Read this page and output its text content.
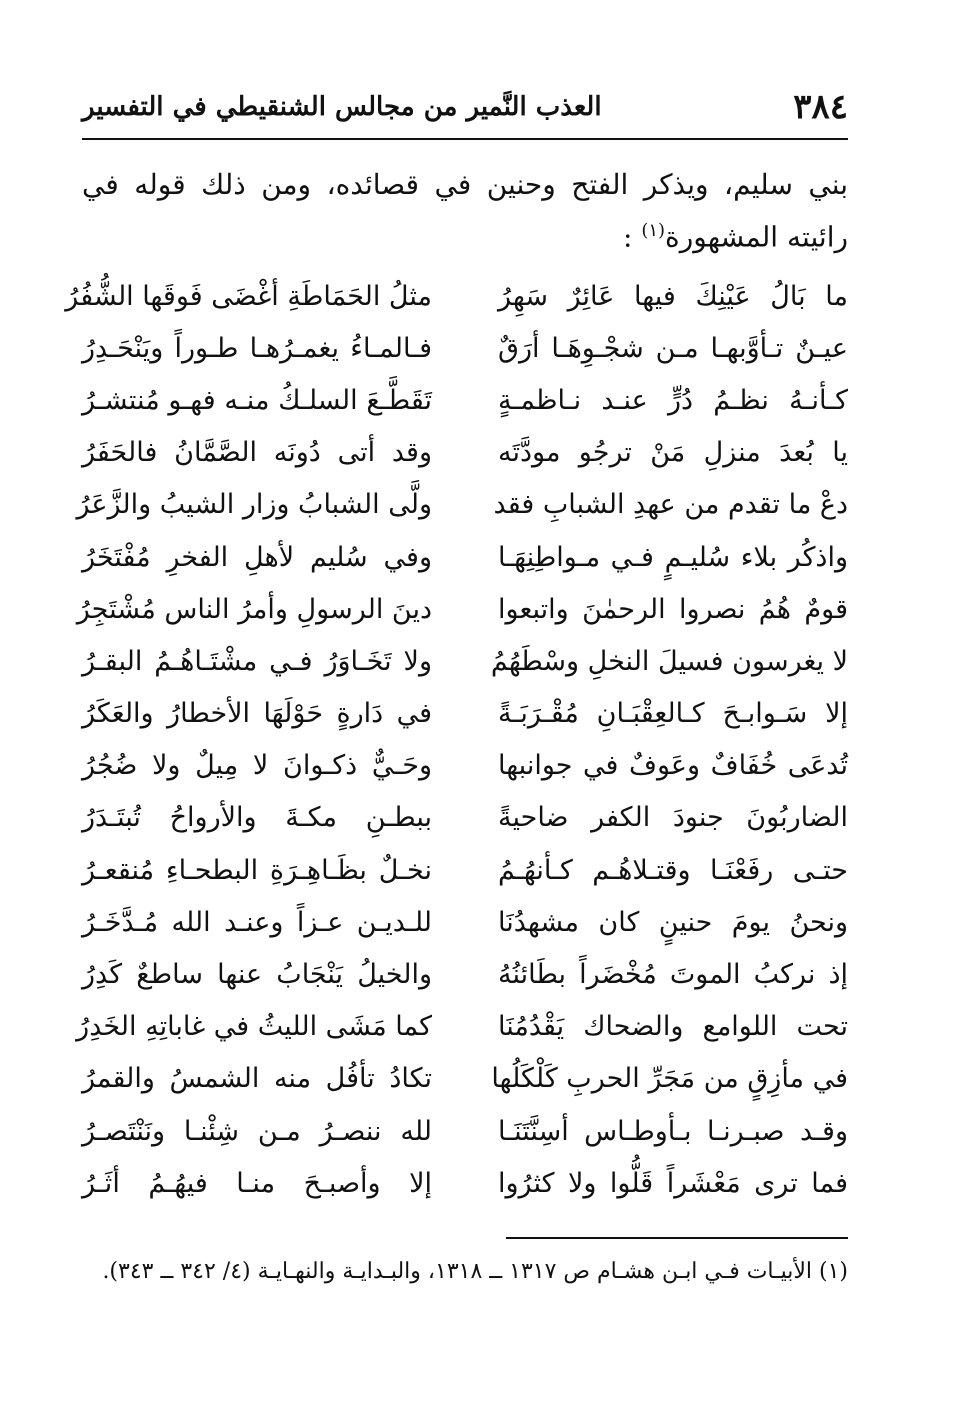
٣٨٤
العذب النَّمير من مجالس الشنقيطي في التفسير
بني سليم، ويذكر الفتح وحنين في قصائده، ومن ذلك قوله في رائيته المشهورة$^{(١)}$ :
ما بَالُ عَيْنِكَ فيها عَائِرٌ سَهِرُ
مثلُ الحَمَاطَةِ أغْضَى فَوقَها الشُّفُرُ
عيـنٌ تـأوَّبهـا مـن شجْـوِهَـا أرَقٌ
فـالمـاءُ يغمـرُهـا طـوراً ويَنْحَـدِرُ
كـأنـهُ نظـمُ دُرٍّ عنـد نـاظمـةٍ
تَقَطَّـعَ السلـكُ منـه فهـو مُنتشـرُ
يا بُعدَ منزلِ مَنْ ترجُو مودَّتَه
وقد أتى دُونَه الصَّمَّانُ فالحَفَرُ
دعْ ما تقدم من عهدِ الشبابِ فقد
ولَّى الشبابُ وزار الشيبُ والزَّعَرُ
واذكُر بلاء سُليـمٍ فـي مـواطِنِهَـا
وفي سُليم لأهلِ الفخرِ مُفْتَخَرُ
قومٌ هُمُ نصروا الرحمٰنَ واتبعوا
دينَ الرسولِ وأمرُ الناس مُشْتَجِرُ
لا يغرسون فسيلَ النخلِ وسْطَهُمُ
ولا تَخَـاوَرُ فـي مشْتَـاهُـمُ البقـرُ
إلا سَـوابـحَ كـالعِقْبَـانِ مُقْـرَبَـةً
في دَارةٍ حَوْلَهَا الأخطارُ والعَكَرُ
تُدعَى خُفَافٌ وعَوفٌ في جوانبها
وحَـيٌّ ذكـوانَ لا مِيلٌ ولا ضُجُرُ
الضاربُونَ جنودَ الكفر ضاحيةً
ببطـنِ مكـةَ والأرواحُ تُبتَـدَرُ
حتـى رفَعْنَـا وقتـلاهُـم كـأنهُـمُ
نخـلٌ بظَـاهِـرَةِ البطحـاءِ مُنقعـرُ
ونحنُ يومَ حنينٍ كان مشهدُنَا
للـديـن عـزاً وعنـد الله مُـدَّخَـرُ
إذ نركبُ الموتَ مُخْضَراً بطَائنُهُ
والخيلُ يَنْجَابُ عنها ساطعٌ كَدِرُ
تحت اللوامع والضحاك يَقْدُمُنَا
كما مَشَى الليثُ في غاباتِهِ الخَدِرُ
في مأزِقٍ من مَجَرِّ الحربِ كَلْكَلُها
تكادُ تأفُل منه الشمسُ والقمرُ
وقـد صبـرنـا بـأوطـاس أسِنَّتَنَـا
لله ننصـرُ مـن شِئْنـا ونَنْتَصـرُ
فما ترى مَعْشَراً قَلُّوا ولا كثرُوا
إلا وأصبـحَ منـا فيهُـمُ أثَـرُ
(١) الأبيـات فـي ابـن هشـام ص ١٣١٧ ــ ١٣١٨، والبـدايـة والنهـايـة (٤/ ٣٤٢ ــ ٣٤٣).
